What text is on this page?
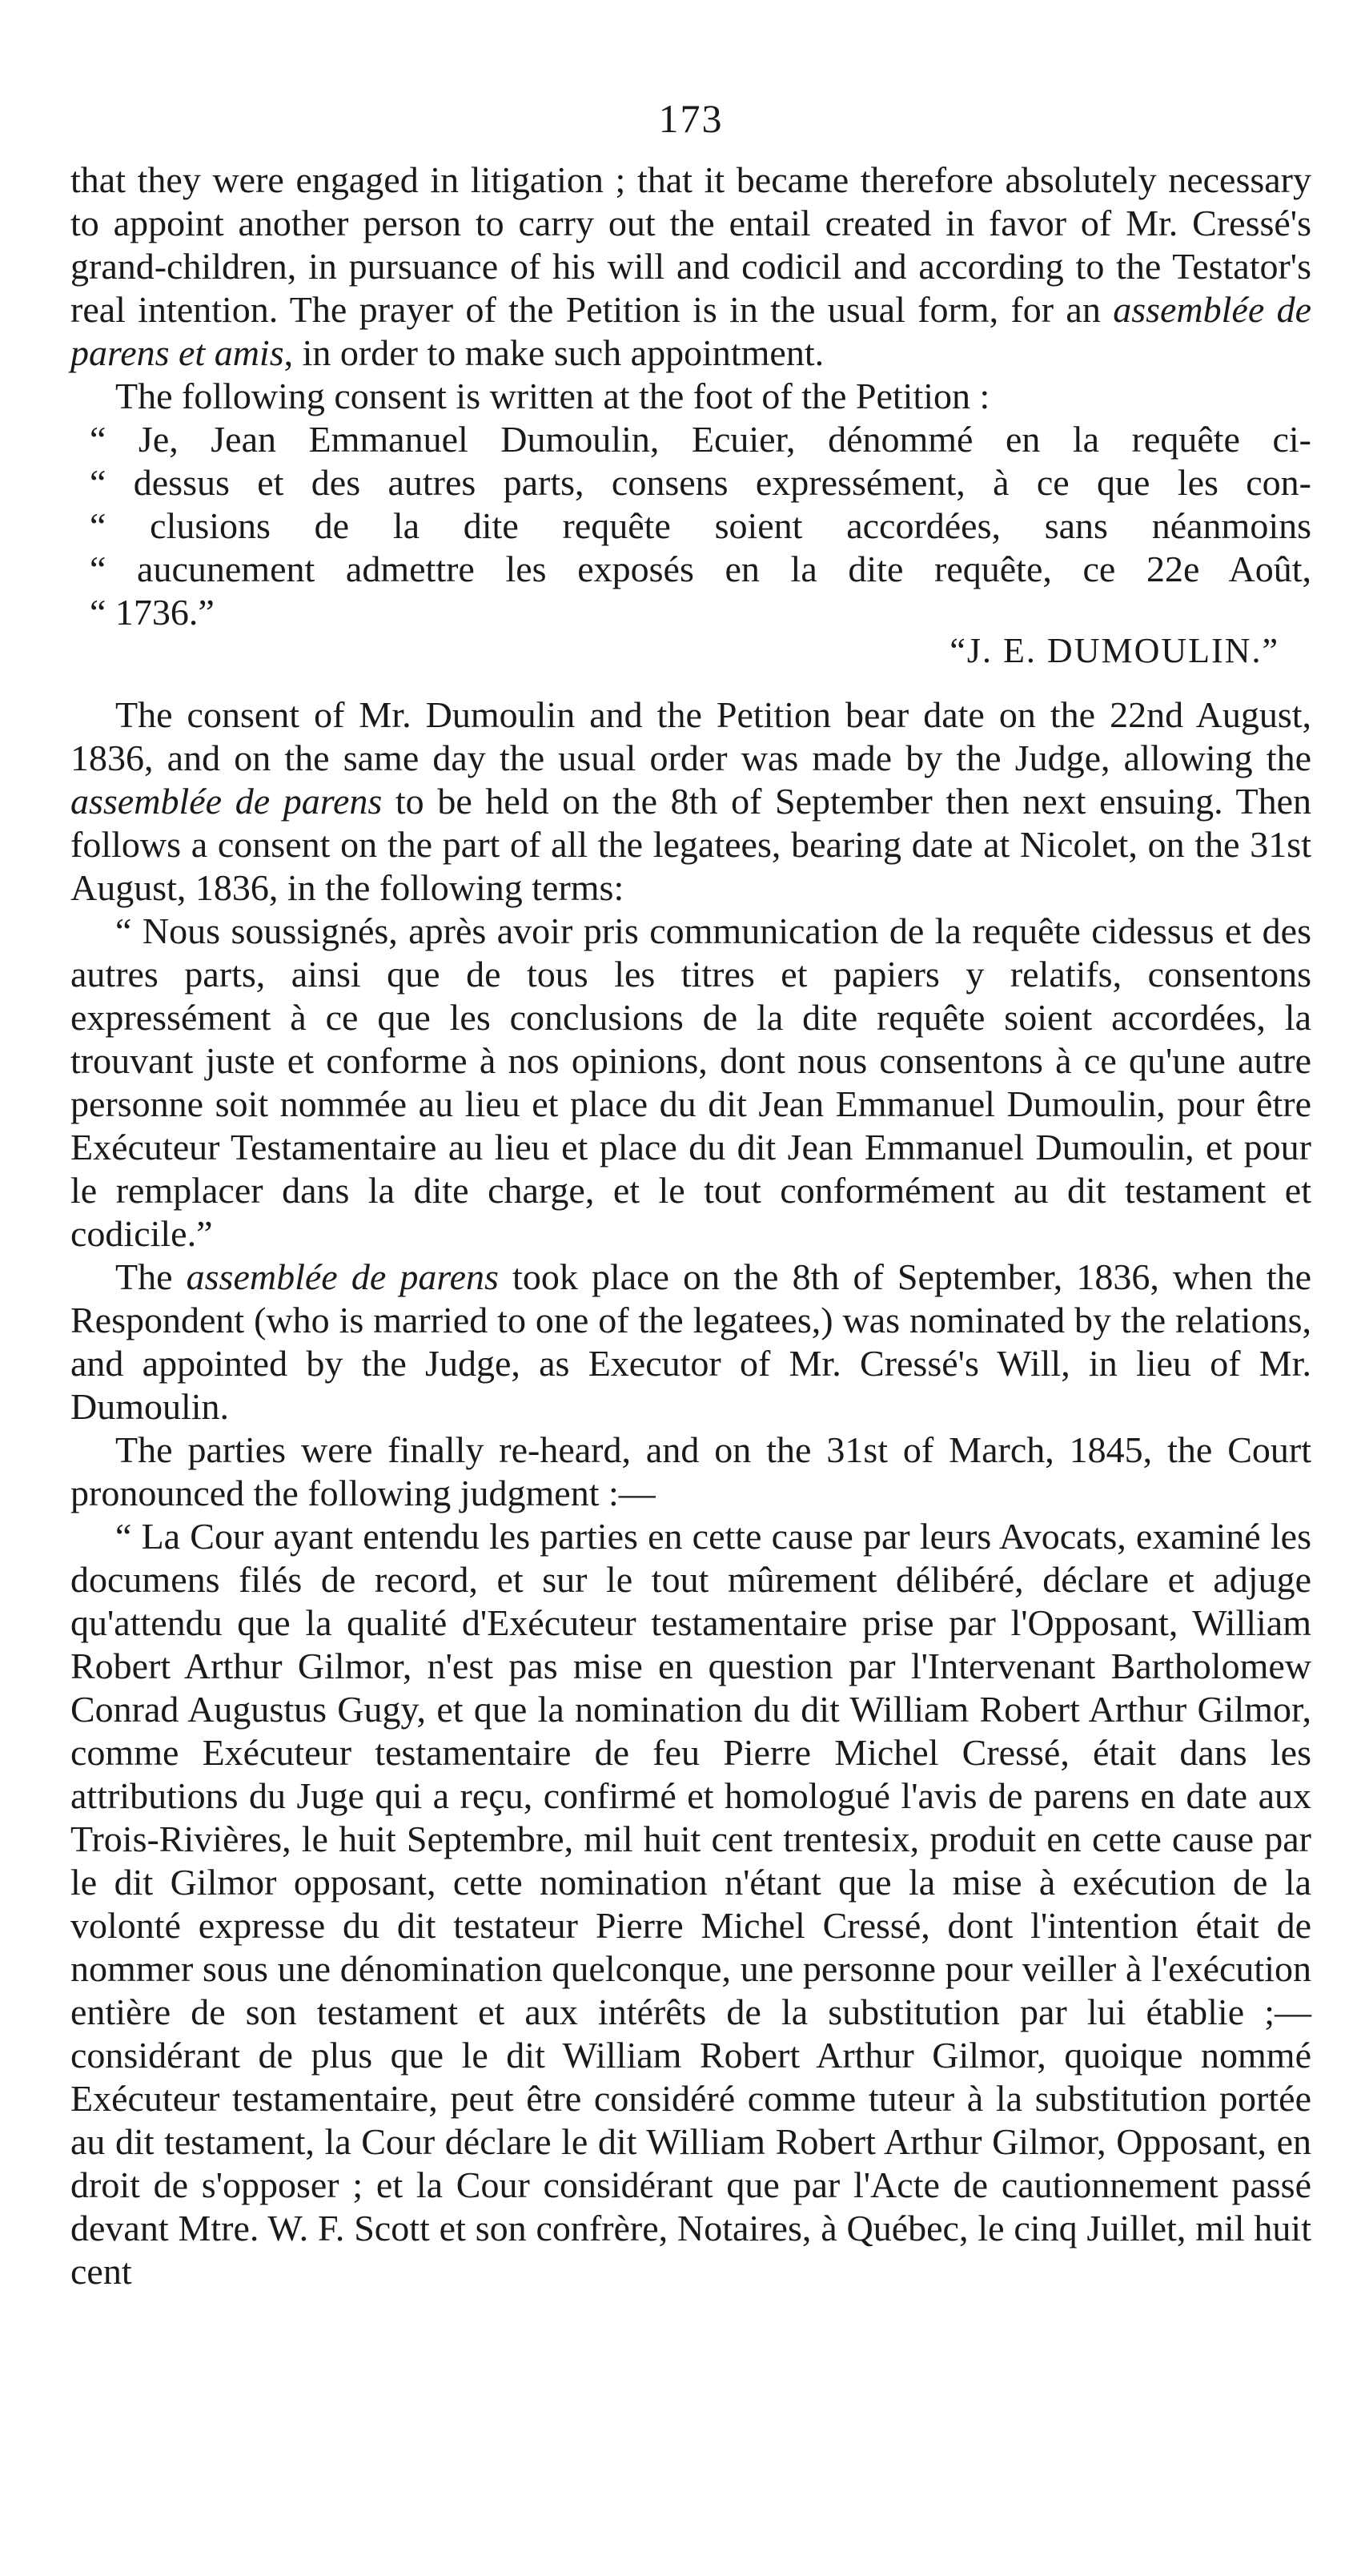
173

that they were engaged in litigation ; that it became therefore absolutely necessary to appoint another person to carry out the entail created in favor of Mr. Cressé's grand-children, in pursuance of his will and codicil and according to the Testator's real intention. The prayer of the Petition is in the usual form, for an assemblée de parens et amis, in order to make such appointment.

The following consent is written at the foot of the Petition :

“ Je, Jean Emmanuel Dumoulin, Ecuier, dénommé en la requête ci-
“ dessus et des autres parts, consens expressément, à ce que les con-
“ clusions de la dite requête soient accordées, sans néanmoins
“ aucunement admettre les exposés en la dite requête, ce 22e Août,
“ 1736.”
“J. E. DUMOULIN.”

The consent of Mr. Dumoulin and the Petition bear date on the 22nd August, 1836, and on the same day the usual order was made by the Judge, allowing the assemblée de parens to be held on the 8th of September then next ensuing. Then follows a consent on the part of all the legatees, bearing date at Nicolet, on the 31st August, 1836, in the following terms:

“ Nous soussignés, après avoir pris communication de la requête cidessus et des autres parts, ainsi que de tous les titres et papiers y relatifs, consentons expressément à ce que les conclusions de la dite requête soient accordées, la trouvant juste et conforme à nos opinions, dont nous consentons à ce qu'une autre personne soit nommée au lieu et place du dit Jean Emmanuel Dumoulin, pour être Exécuteur Testamentaire au lieu et place du dit Jean Emmanuel Dumoulin, et pour le remplacer dans la dite charge, et le tout conformément au dit testament et codicile.”

The assemblée de parens took place on the 8th of September, 1836, when the Respondent (who is married to one of the legatees,) was nominated by the relations, and appointed by the Judge, as Executor of Mr. Cressé's Will, in lieu of Mr. Dumoulin.

The parties were finally re-heard, and on the 31st of March, 1845, the Court pronounced the following judgment :—

“ La Cour ayant entendu les parties en cette cause par leurs Avocats, examiné les documens filés de record, et sur le tout mûrement délibéré, déclare et adjuge qu'attendu que la qualité d'Exécuteur testamentaire prise par l'Opposant, William Robert Arthur Gilmor, n'est pas mise en question par l'Intervenant Bartholomew Conrad Augustus Gugy, et que la nomination du dit William Robert Arthur Gilmor, comme Exécuteur testamentaire de feu Pierre Michel Cressé, était dans les attributions du Juge qui a reçu, confirmé et homologué l'avis de parens en date aux Trois-Rivières, le huit Septembre, mil huit cent trentesix, produit en cette cause par le dit Gilmor opposant, cette nomination n'étant que la mise à exécution de la volonté expresse du dit testateur Pierre Michel Cressé, dont l'intention était de nommer sous une dénomination quelconque, une personne pour veiller à l'exécution entière de son testament et aux intérêts de la substitution par lui établie ;— considérant de plus que le dit William Robert Arthur Gilmor, quoique nommé Exécuteur testamentaire, peut être considéré comme tuteur à la substitution portée au dit testament, la Cour déclare le dit William Robert Arthur Gilmor, Opposant, en droit de s'opposer ; et la Cour considérant que par l'Acte de cautionnement passé devant Mtre. W. F. Scott et son confrère, Notaires, à Québec, le cinq Juillet, mil huit cent
